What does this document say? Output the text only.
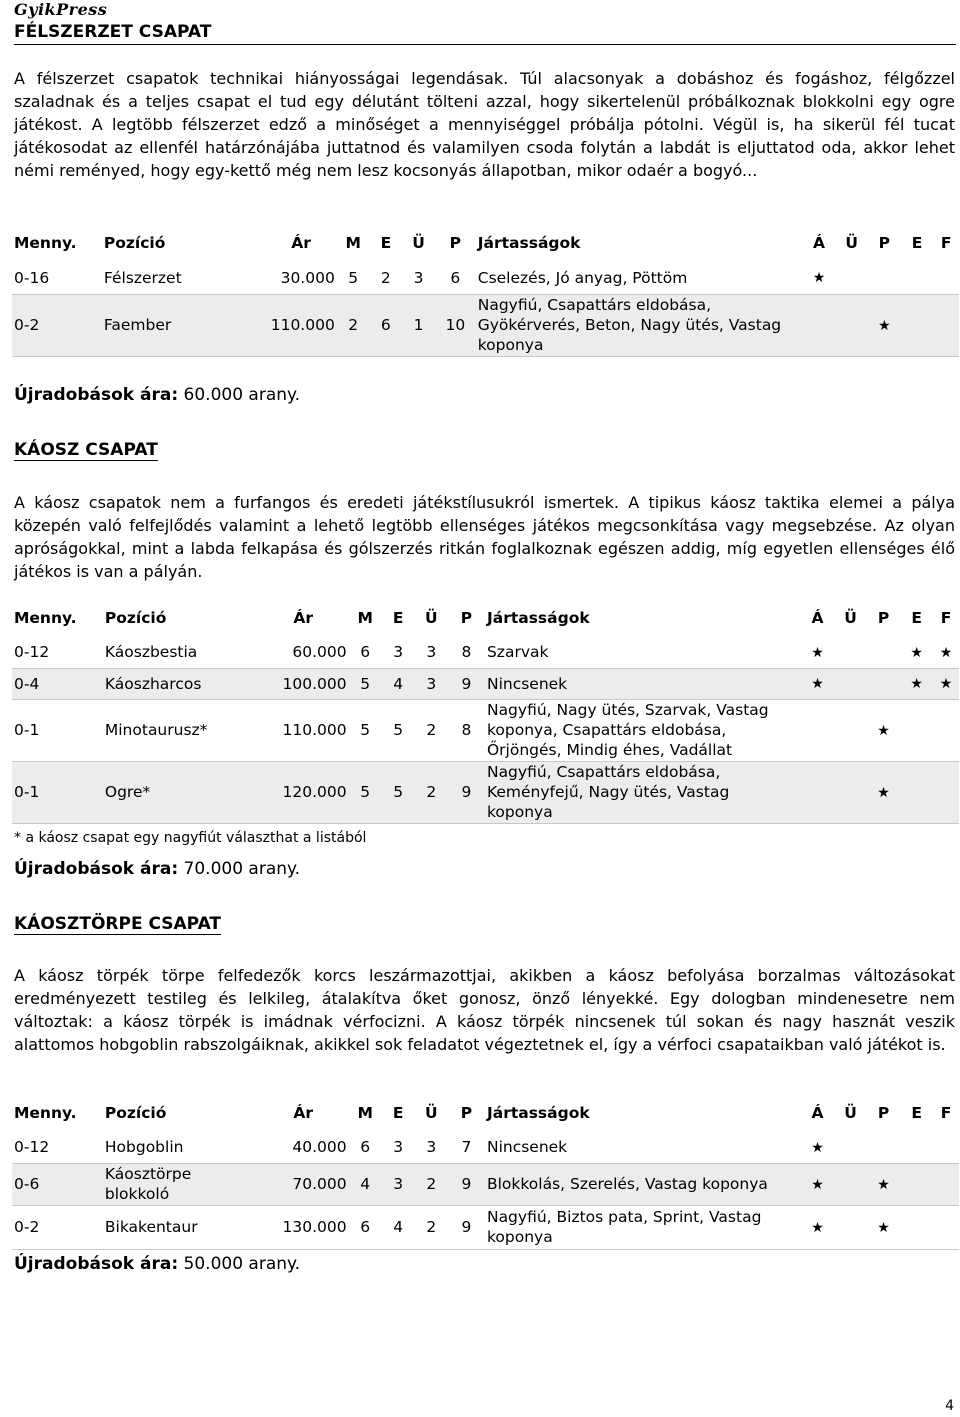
GyikPress
FÉLSZERZET CSAPAT

A félszerzet csapatok technikai hiányosságai legendásak. Túl alacsonyak a dobáshoz és fogáshoz, félgőzzel szaladnak és a teljes csapat el tud egy délutánt tölteni azzal, hogy sikertelenül próbálkoznak blokkolni egy ogre játékost. A legtöbb félszerzet edző a minőséget a mennyiséggel próbálja pótolni. Végül is, ha sikerül fél tucat játékosodat az ellenfél határzónájába juttatnod és valamilyen csoda folytán a labdát is eljuttatod oda, akkor lehet némi reményed, hogy egy-kettő még nem lesz kocsonyás állapotban, mikor odaér a bogyó...

Menny.	Pozíció	Ár	M	E	Ü	P	Jártasságok	Á	Ü	P	E	F
0-16	Félszerzet	30.000	5	2	3	6	Cselezés, Jó anyag, Pöttöm	★				
0-2	Faember	110.000	2	6	1	10	Nagyfiú, Csapattárs eldobása, Gyökérverés, Beton, Nagy ütés, Vastag koponya			★		

Újradobások ára: 60.000 arany.

KÁOSZ CSAPAT

A káosz csapatok nem a furfangos és eredeti játékstílusukról ismertek. A tipikus káosz taktika elemei a pálya közepén való felfejlődés valamint a lehető legtöbb ellenséges játékos megcsonkítása vagy megsebzése. Az olyan apróságokkal, mint a labda felkapása és gólszerzés ritkán foglalkoznak egészen addig, míg egyetlen ellenséges élő játékos is van a pályán.

Menny.	Pozíció	Ár	M	E	Ü	P	Jártasságok	Á	Ü	P	E	F
0-12	Káoszbestia	60.000	6	3	3	8	Szarvak	★			★	★
0-4	Káoszharcos	100.000	5	4	3	9	Nincsenek	★			★	★
0-1	Minotaurusz*	110.000	5	5	2	8	Nagyfiú, Nagy ütés, Szarvak, Vastag koponya, Csapattárs eldobása, Őrjöngés, Mindig éhes, Vadállat			★		
0-1	Ogre*	120.000	5	5	2	9	Nagyfiú, Csapattárs eldobása, Keményfejű, Nagy ütés, Vastag koponya			★		

* a káosz csapat egy nagyfiút választhat a listából

Újradobások ára: 70.000 arany.

KÁOSZTÖRPE CSAPAT

A káosz törpék törpe felfedezők korcs leszármazottjai, akikben a káosz befolyása borzalmas változásokat eredményezett testileg és lelkileg, átalakítva őket gonosz, önző lényekké. Egy dologban mindenesetre nem változtak: a káosz törpék is imádnak vérfocizni. A káosz törpék nincsenek túl sokan és nagy hasznát veszik alattomos hobgoblin rabszolgáiknak, akikkel sok feladatot végeztetnek el, így a vérfoci csapataikban való játékot is.

Menny.	Pozíció	Ár	M	E	Ü	P	Jártasságok	Á	Ü	P	E	F
0-12	Hobgoblin	40.000	6	3	3	7	Nincsenek	★				
0-6	Káosztörpe blokkoló	70.000	4	3	2	9	Blokkolás, Szerelés, Vastag koponya	★		★		
0-2	Bikakentaur	130.000	6	4	2	9	Nagyfiú, Biztos pata, Sprint, Vastag koponya	★		★		

Újradobások ára: 50.000 arany.

4
